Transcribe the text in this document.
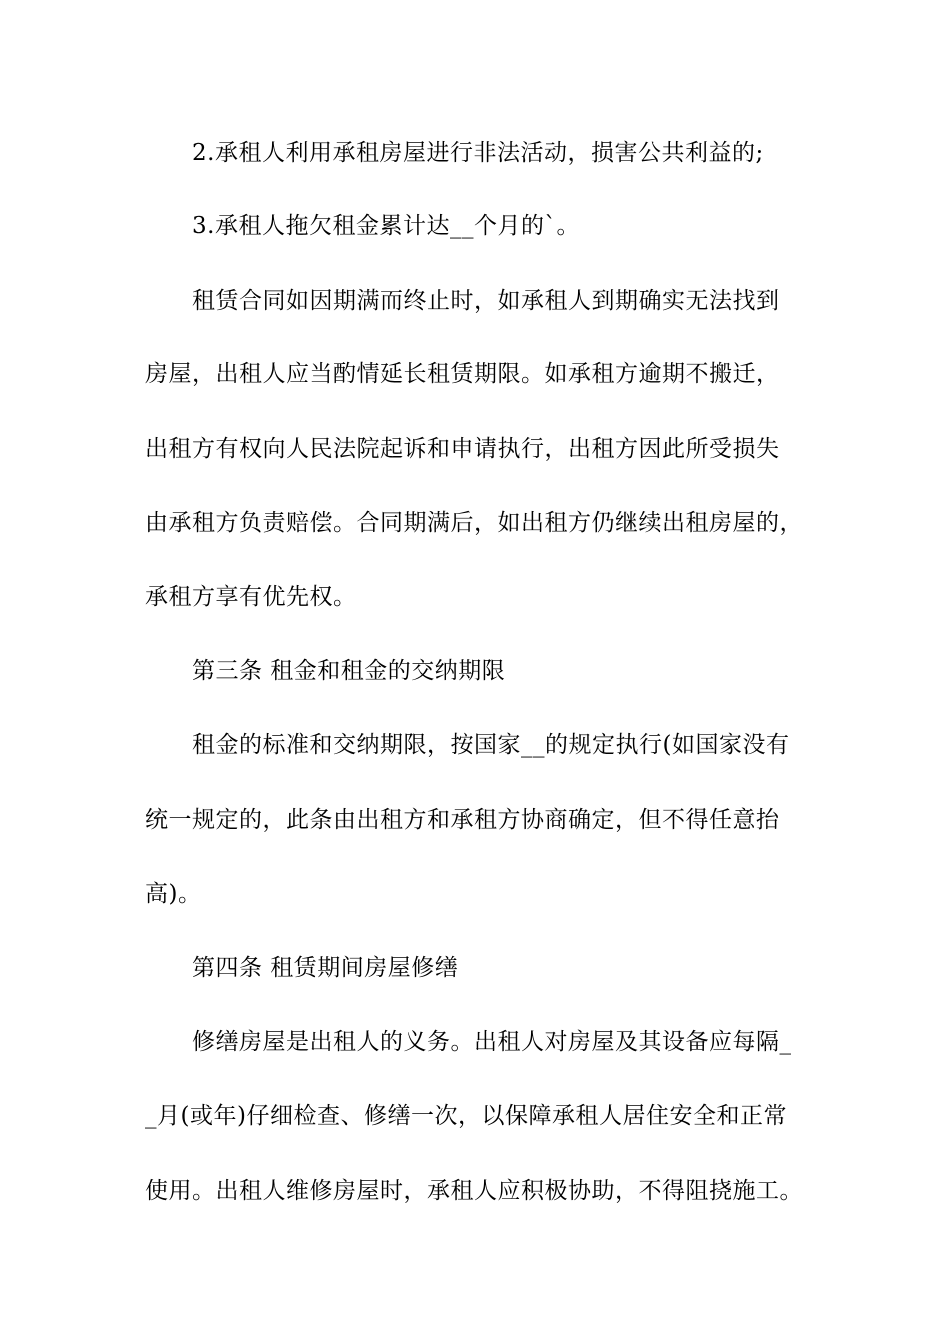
2.承租人利用承租房屋进行非法活动，损害公共利益的;
3.承租人拖欠租金累计达__个月的`。
租赁合同如因期满而终止时，如承租人到期确实无法找到
房屋，出租人应当酌情延长租赁期限。如承租方逾期不搬迁，
出租方有权向人民法院起诉和申请执行，出租方因此所受损失
由承租方负责赔偿。合同期满后，如出租方仍继续出租房屋的，
承租方享有优先权。
第三条 租金和租金的交纳期限
租金的标准和交纳期限，按国家__的规定执行(如国家没有
统一规定的，此条由出租方和承租方协商确定，但不得任意抬
高)。
第四条 租赁期间房屋修缮
修缮房屋是出租人的义务。出租人对房屋及其设备应每隔_
_月(或年)仔细检查、修缮一次，以保障承租人居住安全和正常
使用。出租人维修房屋时，承租人应积极协助，不得阻挠施工。
